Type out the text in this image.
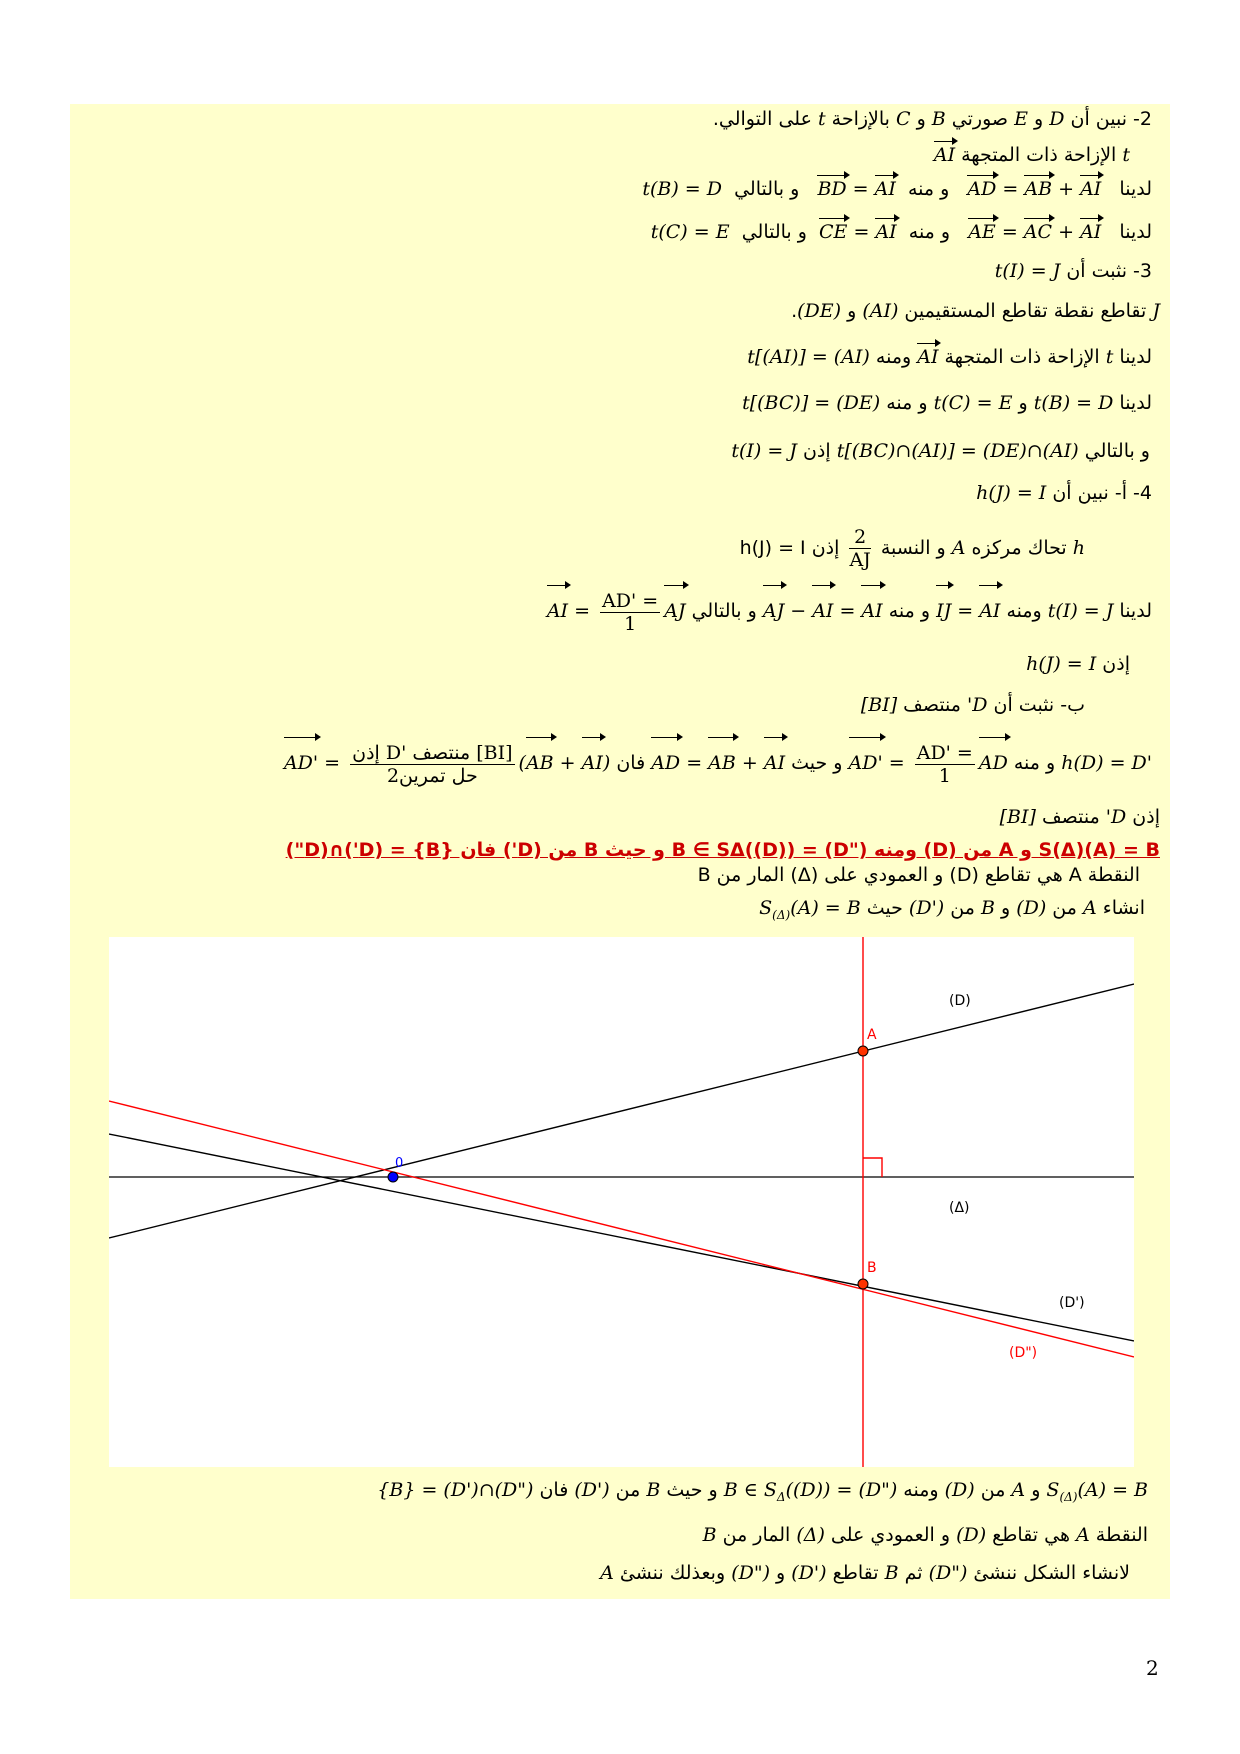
2- نبين أن D و E صورتي B و C بالإزاحة t على التوالي.
t الإزاحة ذات المتجهة AI
لدينا   AD = AB + AI   و منه  BD = AI   و بالتالي  t(B) = D
لدينا   AE = AC + AI   و منه  CE = AI  و بالتالي  t(C) = E
3- نثبت أن t(I) = J
J تقاطع نقطة تقاطع المستقيمين (AI) و (DE).
لدينا t الإزاحة ذات المتجهة AI ومنه t[(AI)] = (AI)
لدينا t(B) = D و t(C) = E و منه t[(BC)] = (DE)
و بالتالي t[(BC)∩(AI)] = (DE)∩(AI) إذن t(I) = J
4- أ- نبين أن h(J) = I
h تحاك مركزه A و النسبة
$\frac{2}{AJ}$
إذن h(J) = I
لدينا t(I) = J ومنه IJ = AI و منه AJ − AI = AI و بالتالي AI = $\frac{AD' =}{1}$ AJ
إذن h(J) = I
ب- نثبت أن D' منتصف [BI]
h(D) = D' و منه $AD' = \frac{AD' =}{1}$ AD و حيث AD = AB + AI فان $AD' = \frac{\text{إذن D' منتصف [BI]}}{\text{حل تمرين2}} (AB + AI)$
إذن D' منتصف [BI]
S(Δ)(A) = B و A من (D) ومنه B ∈ SΔ((D)) = (D") و حيث B من (D') فان {B} = (D')∩(D")
النقطة A هي تقاطع (D) و العمودي على (Δ) المار من B
انشاء A من (D) و B من (D') حيث $S_{(\Delta)}(A) = B$
0
A
B
(D)
(Δ)
(D')
(D")
$S_{(\Delta)}(A) = B$ و A من (D) ومنه B ∈ $S_\Delta((D))$ = (D") و حيث B من (D') فان {B} = (D')∩(D")
النقطة A هي تقاطع (D) و العمودي على (Δ) المار من B
لانشاء الشكل ننشئ (D") ثم B تقاطع (D') و (D") وبعذلك ننشئ A
2
